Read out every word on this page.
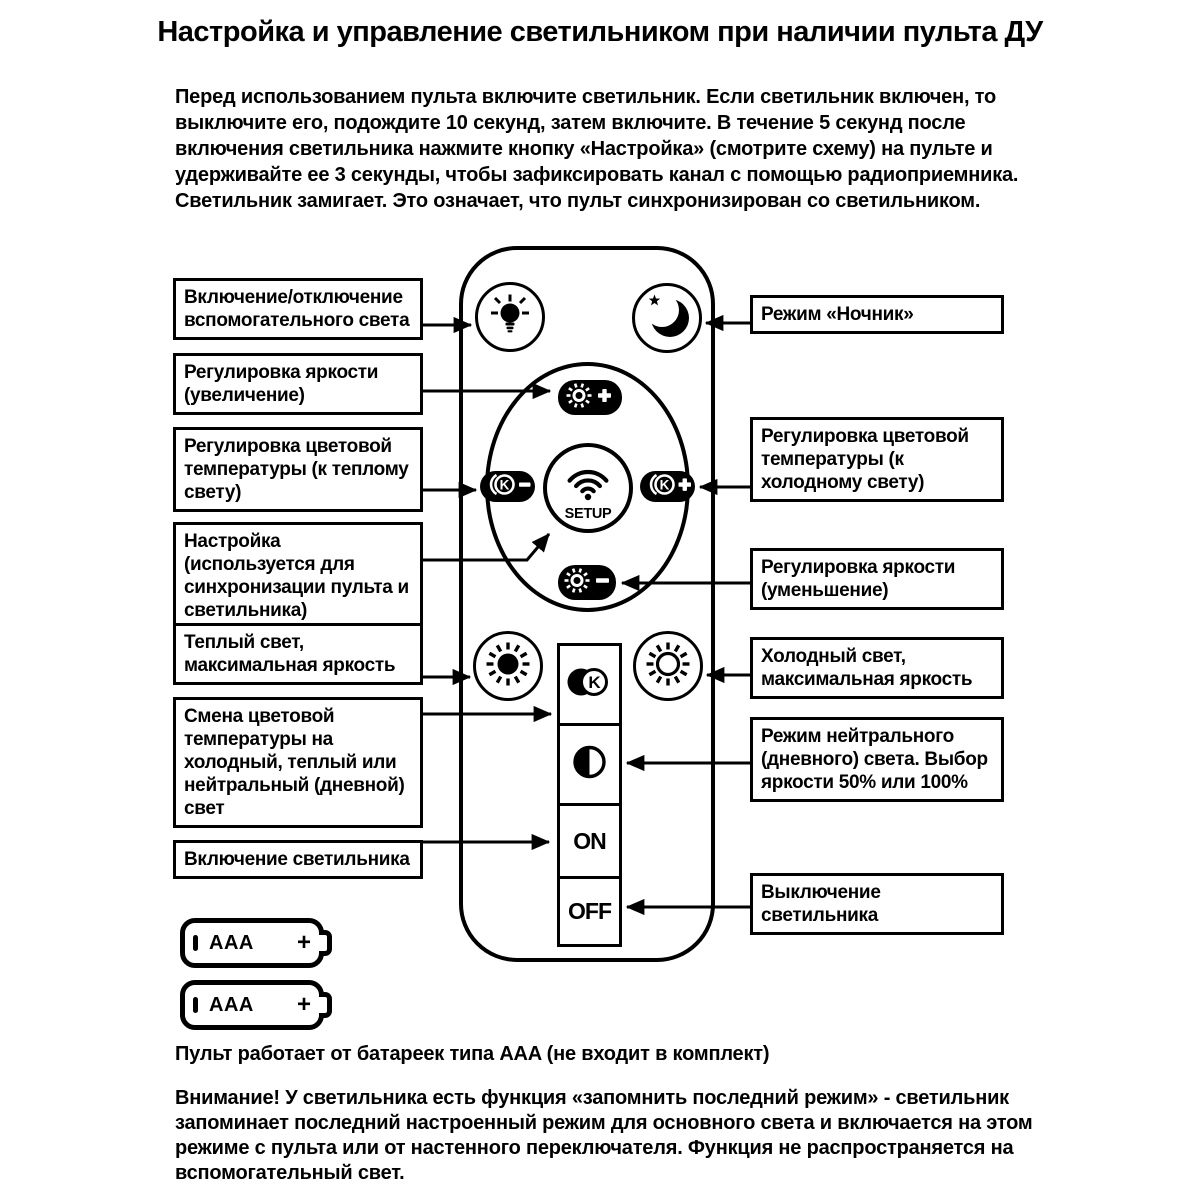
Настройка и управление светильником при наличии пульта ДУ
Перед использованием пульта включите светильник. Если светильник включен, то выключите его, подождите 10 секунд, затем включите. В течение 5 секунд после включения светильника нажмите кнопку «Настройка» (смотрите схему) на пульте и удерживайте ее 3 секунды, чтобы зафиксировать канал с помощью радиоприемника. Светильник замигает. Это означает, что пульт синхронизирован со светильником.
Включение/отключение вспомогательного света
Регулировка яркости (увеличение)
Регулировка цветовой температуры (к теплому свету)
Настройка (используется для синхронизации пульта и светильника)
Теплый свет, максимальная яркость
Смена цветовой температуры на холодный, теплый или нейтральный (дневной) свет
Включение светильника
Режим «Ночник»
Регулировка цветовой температуры (к холодному свету)
Регулировка яркости (уменьшение)
Холодный свет, максимальная яркость
Режим нейтрального (дневного) света. Выбор яркости 50% или 100%
Выключение светильника
K
SETUP
K
K
ON
OFF
AAA +
AAA +
Пульт работает от батареек типа AAA (не входит в комплект)
Внимание! У светильника есть функция «запомнить последний режим» - светильник запоминает последний настроенный режим для основного света и включается на этом режиме с пульта или от настенного переключателя. Функция не распространяется на вспомогательный свет.
